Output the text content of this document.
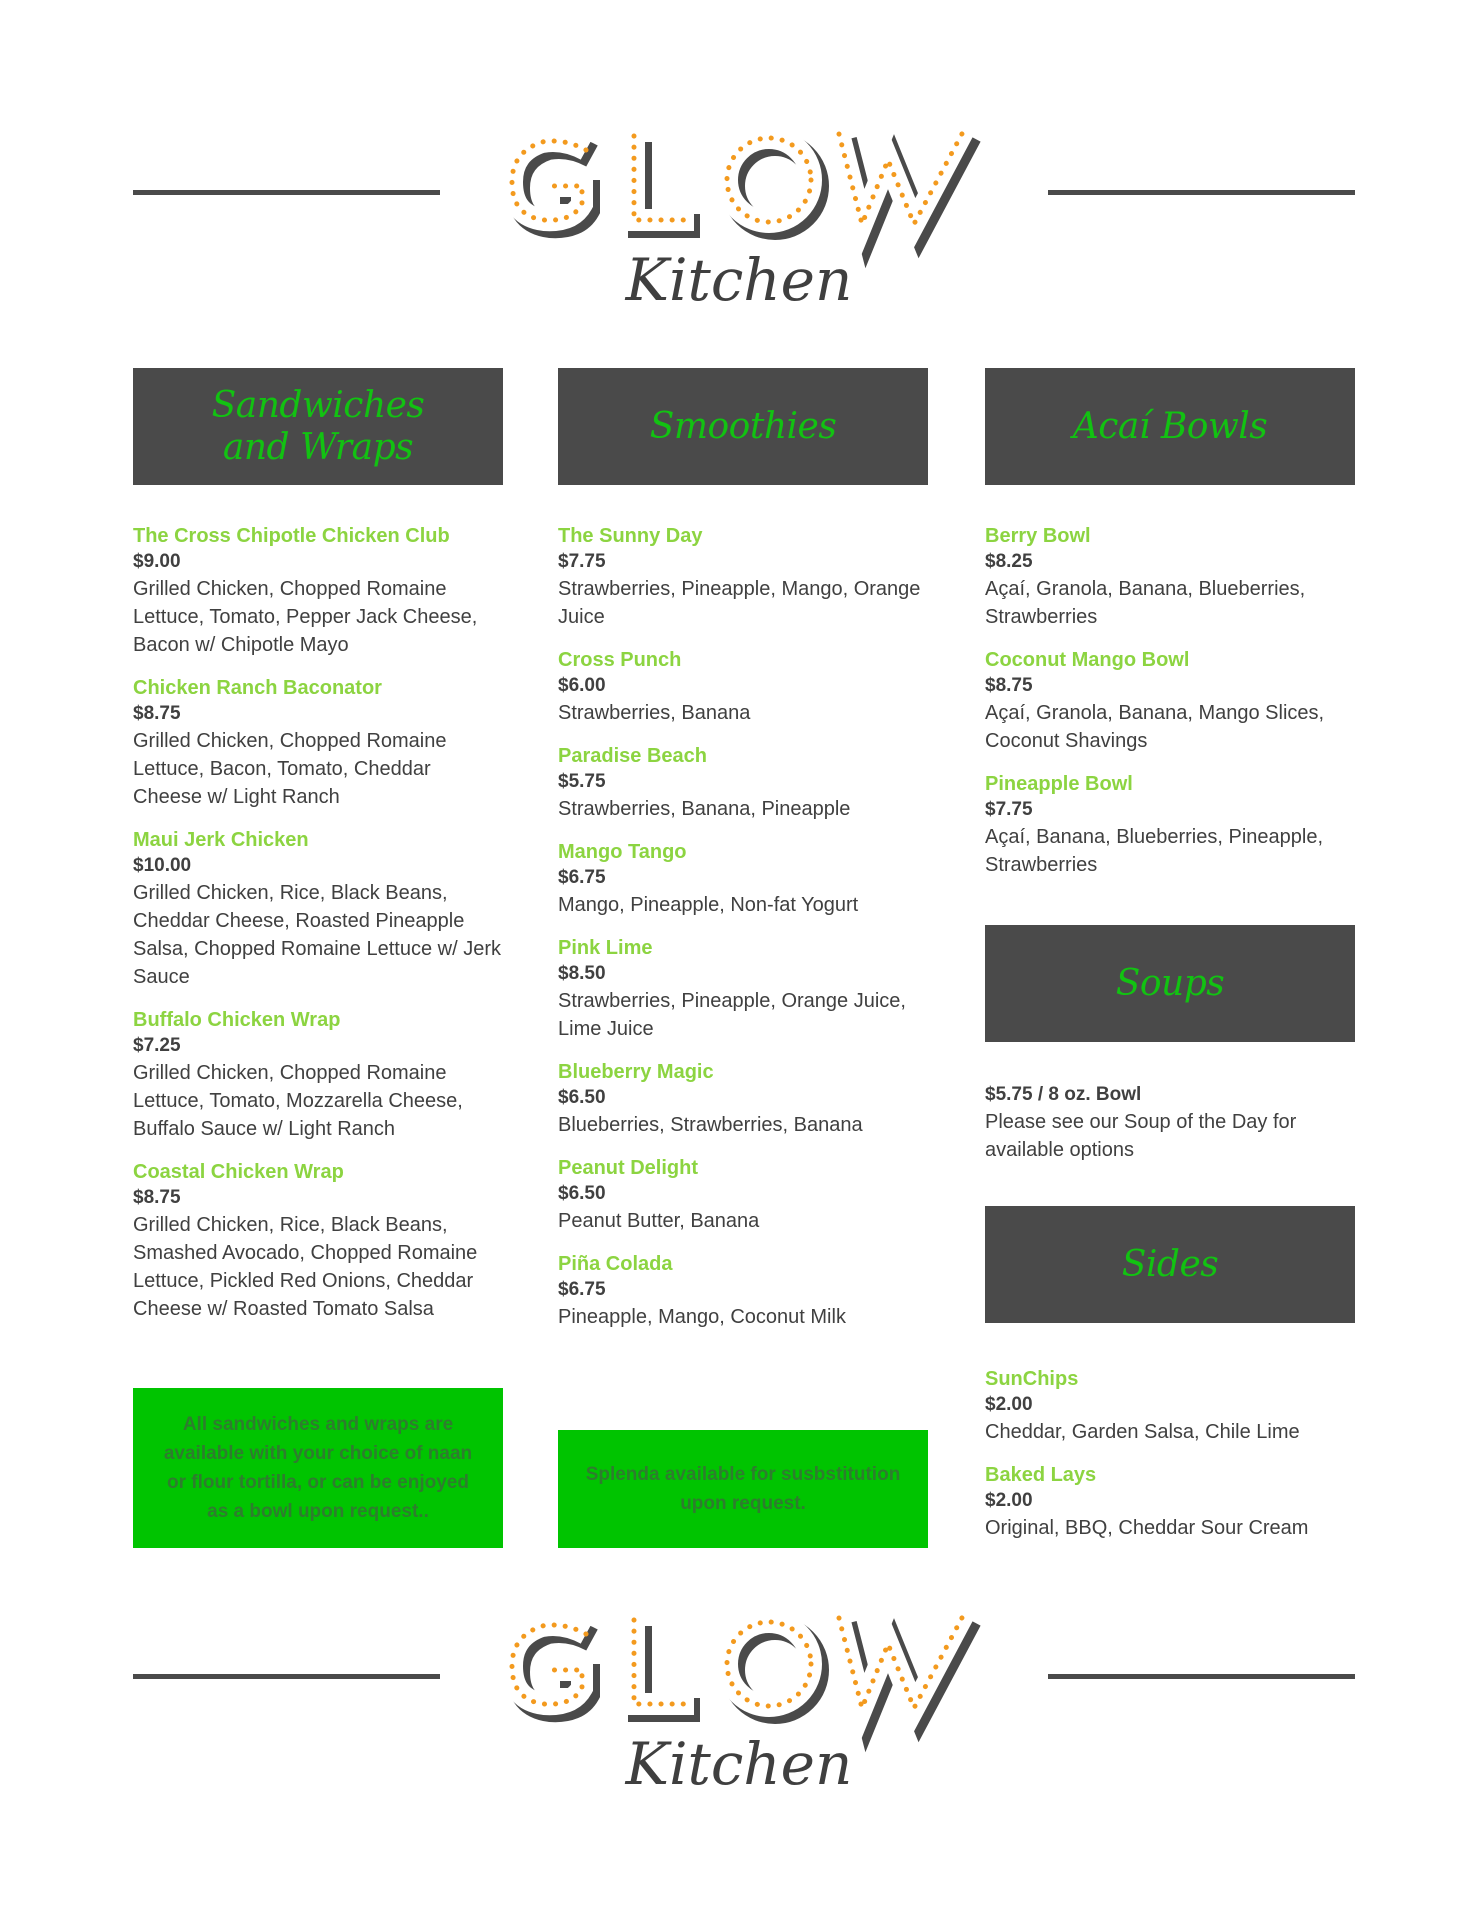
Kitchen
Sandwiches and Wraps
The Cross Chipotle Chicken Club
$9.00
Grilled Chicken, Chopped Romaine Lettuce, Tomato, Pepper Jack Cheese, Bacon w/ Chipotle Mayo
Chicken Ranch Baconator
$8.75
Grilled Chicken, Chopped Romaine Lettuce, Bacon, Tomato, Cheddar Cheese w/ Light Ranch
Maui Jerk Chicken
$10.00
Grilled Chicken, Rice, Black Beans, Cheddar Cheese, Roasted Pineapple Salsa, Chopped Romaine Lettuce w/ Jerk Sauce
Buffalo Chicken Wrap
$7.25
Grilled Chicken, Chopped Romaine Lettuce, Tomato, Mozzarella Cheese, Buffalo Sauce w/ Light Ranch
Coastal Chicken Wrap
$8.75
Grilled Chicken, Rice, Black Beans, Smashed Avocado, Chopped Romaine Lettuce, Pickled Red Onions, Cheddar Cheese w/ Roasted Tomato Salsa
Smoothies
The Sunny Day
$7.75
Strawberries, Pineapple, Mango, Orange Juice
Cross Punch
$6.00
Strawberries, Banana
Paradise Beach
$5.75
Strawberries, Banana, Pineapple
Mango Tango
$6.75
Mango, Pineapple, Non-fat Yogurt
Pink Lime
$8.50
Strawberries, Pineapple, Orange Juice, Lime Juice
Blueberry Magic
$6.50
Blueberries, Strawberries, Banana
Peanut Delight
$6.50
Peanut Butter, Banana
Piña Colada
$6.75
Pineapple, Mango, Coconut Milk
Acaí Bowls
Berry Bowl
$8.25
Açaí, Granola, Banana, Blueberries, Strawberries
Coconut Mango Bowl
$8.75
Açaí, Granola, Banana, Mango Slices, Coconut Shavings
Pineapple Bowl
$7.75
Açaí, Banana, Blueberries, Pineapple, Strawberries
Soups
$5.75 / 8 oz. Bowl
Please see our Soup of the Day for available options
Sides
SunChips
$2.00
Cheddar, Garden Salsa, Chile Lime
Baked Lays
$2.00
Original, BBQ, Cheddar Sour Cream
All sandwiches and wraps are available with your choice of naan or flour tortilla, or can be enjoyed as a bowl upon request..
Splenda available for susbstitution upon request.
Kitchen
